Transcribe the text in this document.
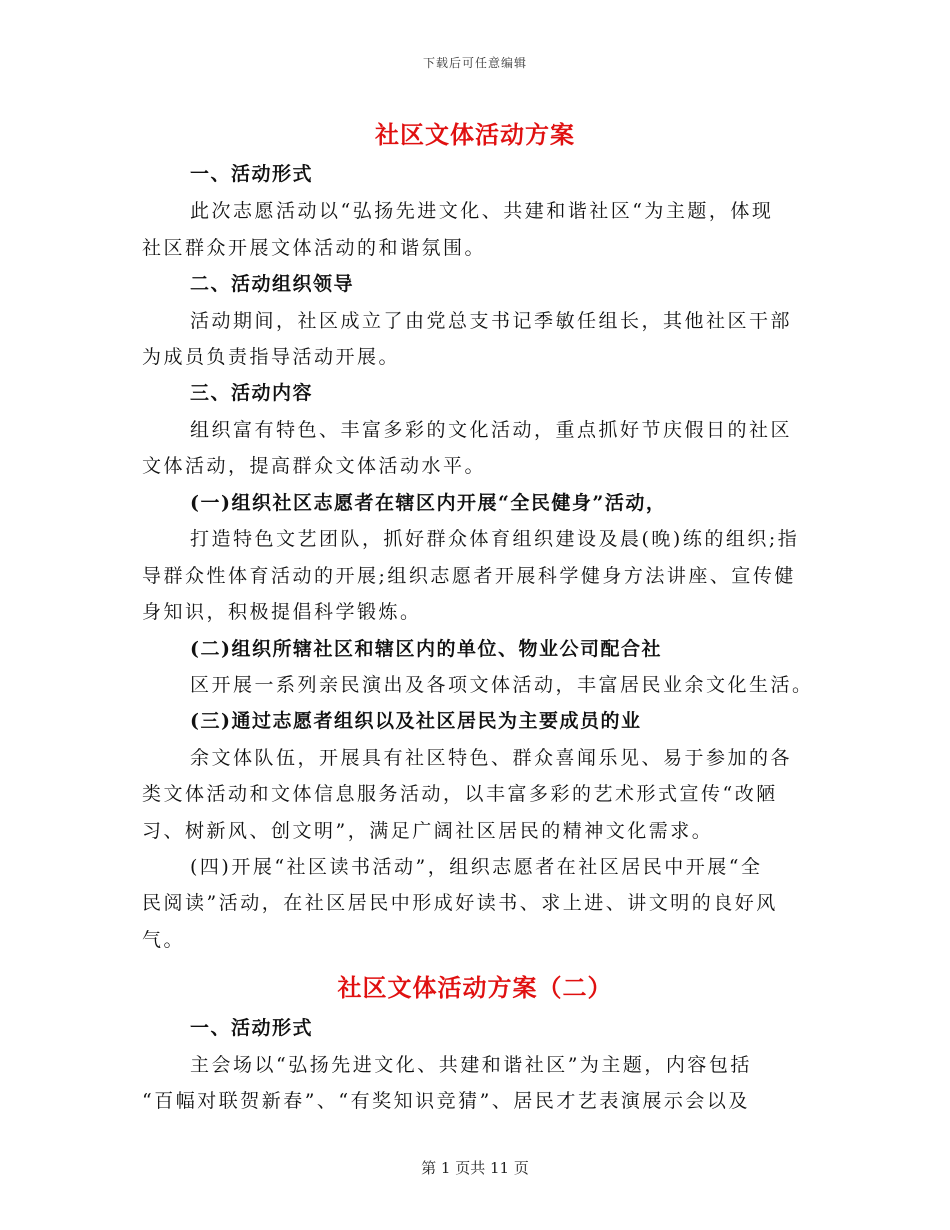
下载后可任意编辑
社区文体活动方案
一、活动形式
此次志愿活动以“弘扬先进文化、共建和谐社区“为主题，体现
社区群众开展文体活动的和谐氛围。
二、活动组织领导
活动期间，社区成立了由党总支书记季敏任组长，其他社区干部
为成员负责指导活动开展。
三、活动内容
组织富有特色、丰富多彩的文化活动，重点抓好节庆假日的社区
文体活动，提高群众文体活动水平。
(一)组织社区志愿者在辖区内开展“全民健身”活动，
打造特色文艺团队，抓好群众体育组织建设及晨(晚)练的组织;指
导群众性体育活动的开展;组织志愿者开展科学健身方法讲座、宣传健
身知识，积极提倡科学锻炼。
(二)组织所辖社区和辖区内的单位、物业公司配合社
区开展一系列亲民演出及各项文体活动，丰富居民业余文化生活。
(三)通过志愿者组织以及社区居民为主要成员的业
余文体队伍，开展具有社区特色、群众喜闻乐见、易于参加的各
类文体活动和文体信息服务活动，以丰富多彩的艺术形式宣传“改陋
习、树新风、创文明”，满足广阔社区居民的精神文化需求。
(四)开展“社区读书活动”，组织志愿者在社区居民中开展“全
民阅读”活动，在社区居民中形成好读书、求上进、讲文明的良好风
气。
社区文体活动方案（二）
一、活动形式
主会场以“弘扬先进文化、共建和谐社区”为主题，内容包括
“百幅对联贺新春”、“有奖知识竞猜”、居民才艺表演展示会以及
第 1 页共 11 页
